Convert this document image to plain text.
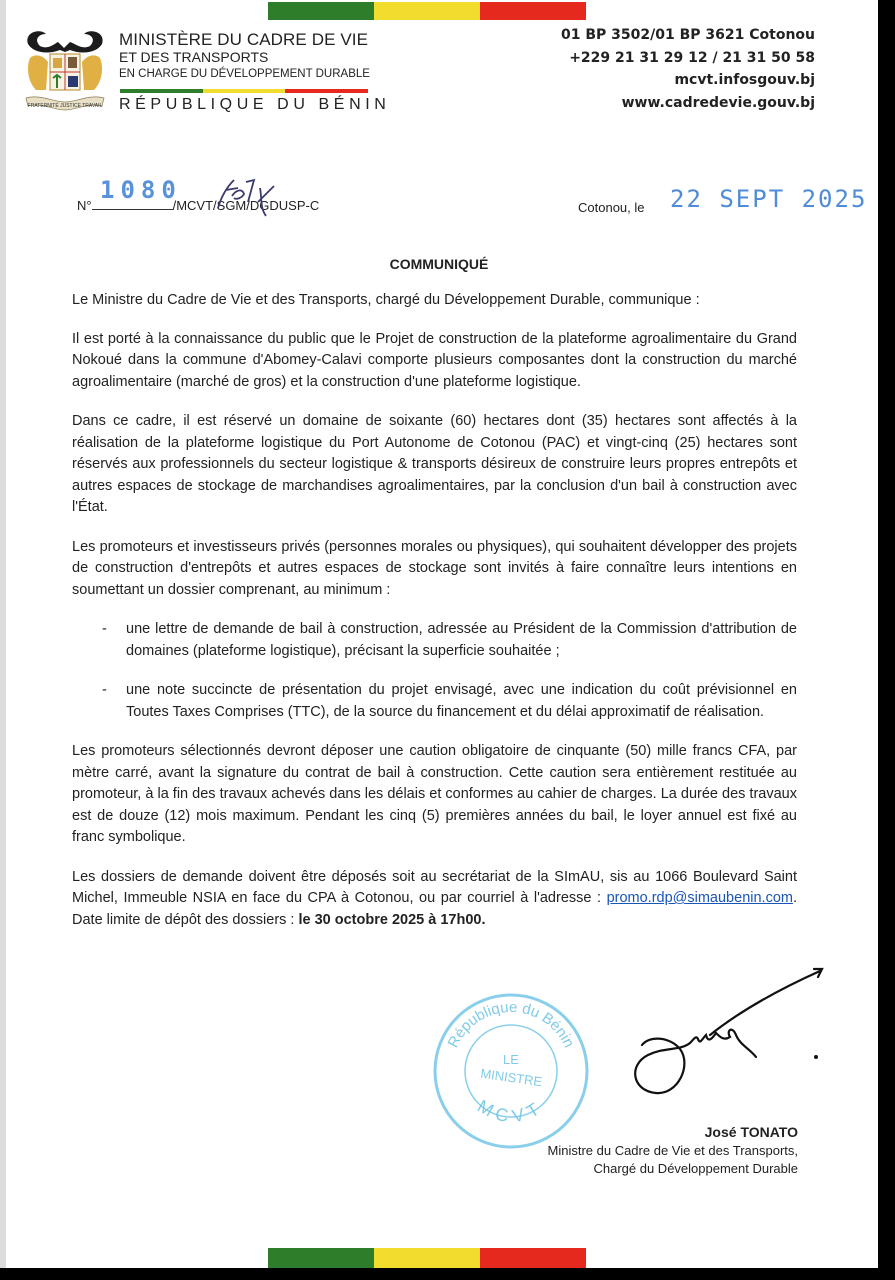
FRATERNITÉ JUSTICE TRAVAIL
MINISTÈRE DU CADRE DE VIE
ET DES TRANSPORTS
EN CHARGE DU DÉVELOPPEMENT DURABLE
RÉPUBLIQUE DU BÉNIN
01 BP 3502/01 BP 3621 Cotonou
+229 21 31 29 12 / 21 31 50 58
mcvt.infosgouv.bj
www.cadredevie.gouv.bj
N°	/MCVT/SGM/DGDUSP-C
1080
Cotonou, le 22 SEPT 2025
COMMUNIQUÉ

Le Ministre du Cadre de Vie et des Transports, chargé du Développement Durable, communique :

Il est porté à la connaissance du public que le Projet de construction de la plateforme agroalimentaire du Grand Nokoué dans la commune d'Abomey-Calavi comporte plusieurs composantes dont la construction du marché agroalimentaire (marché de gros) et la construction d'une plateforme logistique.

Dans ce cadre, il est réservé un domaine de soixante (60) hectares dont (35) hectares sont affectés à la réalisation de la plateforme logistique du Port Autonome de Cotonou (PAC) et vingt-cinq (25) hectares sont réservés aux professionnels du secteur logistique & transports désireux de construire leurs propres entrepôts et autres espaces de stockage de marchandises agroalimentaires, par la conclusion d'un bail à construction avec l'État.

Les promoteurs et investisseurs privés (personnes morales ou physiques), qui souhaitent développer des projets de construction d'entrepôts et autres espaces de stockage sont invités à faire connaître leurs intentions en soumettant un dossier comprenant, au minimum :

- une lettre de demande de bail à construction, adressée au Président de la Commission d'attribution de domaines (plateforme logistique), précisant la superficie souhaitée ;
- une note succincte de présentation du projet envisagé, avec une indication du coût prévisionnel en Toutes Taxes Comprises (TTC), de la source du financement et du délai approximatif de réalisation.

Les promoteurs sélectionnés devront déposer une caution obligatoire de cinquante (50) mille francs CFA, par mètre carré, avant la signature du contrat de bail à construction. Cette caution sera entièrement restituée au promoteur, à la fin des travaux achevés dans les délais et conformes au cahier de charges. La durée des travaux est de douze (12) mois maximum. Pendant les cinq (5) premières années du bail, le loyer annuel est fixé au franc symbolique.

Les dossiers de demande doivent être déposés soit au secrétariat de la SImAU, sis au 1066 Boulevard Saint Michel, Immeuble NSIA en face du CPA à Cotonou, ou par courriel à l'adresse : promo.rdp@simaubenin.com. Date limite de dépôt des dossiers : le 30 octobre 2025 à 17h00.

République du Bénin
MCVT
LE
MINISTRE
José TONATO
Ministre du Cadre de Vie et des Transports,
Chargé du Développement Durable
